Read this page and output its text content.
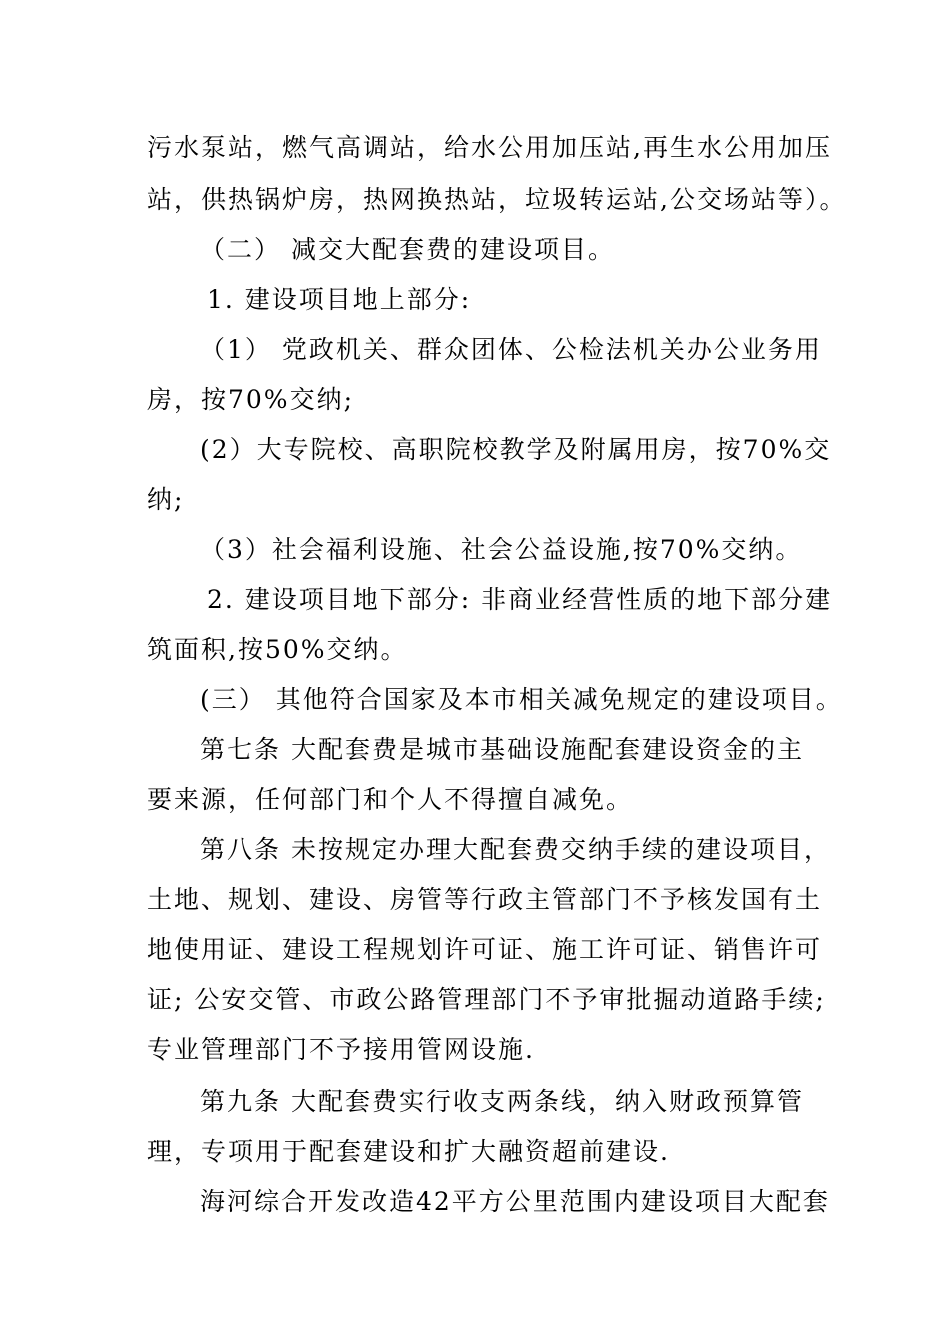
污水泵站，燃气高调站，给水公用加压站,再生水公用加压
站，供热锅炉房，热网换热站，垃圾转运站,公交场站等）。
（二） 减交大配套费的建设项目。
1. 建设项目地上部分:
（1） 党政机关、群众团体、公检法机关办公业务用
房，按70%交纳;
(2）大专院校、高职院校教学及附属用房，按70%交
纳;
（3）社会福利设施、社会公益设施,按70%交纳。
2. 建设项目地下部分: 非商业经营性质的地下部分建
筑面积,按50%交纳。
(三） 其他符合国家及本市相关减免规定的建设项目。
第七条 大配套费是城市基础设施配套建设资金的主
要来源，任何部门和个人不得擅自减免。
第八条 未按规定办理大配套费交纳手续的建设项目，
土地、规划、建设、房管等行政主管部门不予核发国有土
地使用证、建设工程规划许可证、施工许可证、销售许可
证; 公安交管、市政公路管理部门不予审批掘动道路手续;
专业管理部门不予接用管网设施.
第九条 大配套费实行收支两条线，纳入财政预算管
理，专项用于配套建设和扩大融资超前建设.
海河综合开发改造42平方公里范围内建设项目大配套
